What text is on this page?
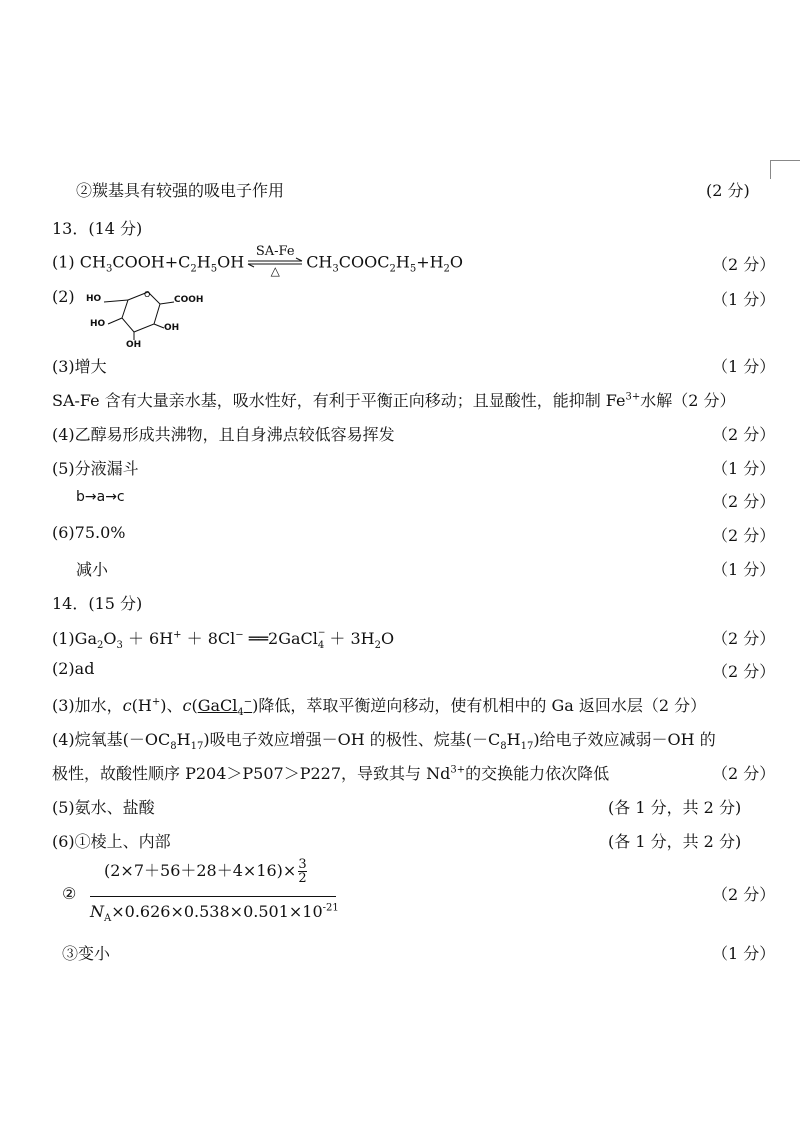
②羰基具有较强的吸电子作用	(2 分)
13．(14 分)
(1) $CH_3COOH+C_2H_5OH$
SA-Fe
△	$CH_3COOC_2H_5+H_2O$	（2 分）
(2)	（1 分）
O
HO	COOH
HO	OH
OH
(3)增大	（1 分）
SA-Fe 含有大量亲水基，吸水性好，有利于平衡正向移动；且显酸性，能抑制 $Fe^{3+}$水解（2 分）
(4)乙醇易形成共沸物，且自身沸点较低容易挥发	（2 分）
(5)分液漏斗	（1 分）
b→a→c	（2 分）
(6)75.0%	（2 分）
减小	（1 分）
14．(15 分)
$(1)Ga_2O_3 + 6H^+ + 8Cl^-$ ══2GaCl $_{- 4} + 3H_2O$	（2 分）
(2)ad	（2 分）
(3)加水，c(H+)、c(GaCl$_4$−)降低，萃取平衡逆向移动，使有机相中的 Ga 返回水层（2 分）
(4)烷氧基$(-OC_8H_{17})$吸电子效应增强－OH 的极性、烷基$(-C_8H_{17})$给电子效应减弱－OH 的
极性，故酸性顺序 P204＞P507＞P227，导致其与 $Nd^{3+}$的交换能力依次降低	（2 分）
(5)氨水、盐酸	(各 1 分，共 2 分)
(6)①棱上、内部	(各 1 分，共 2 分)
②
$(2\times 7+56+28+4\times 16)\times \frac{3}{2}$
$N_A\times 0.626\times 0.538\times 0.501\times 10^{-21}$
（2 分）
③变小	（1 分）
